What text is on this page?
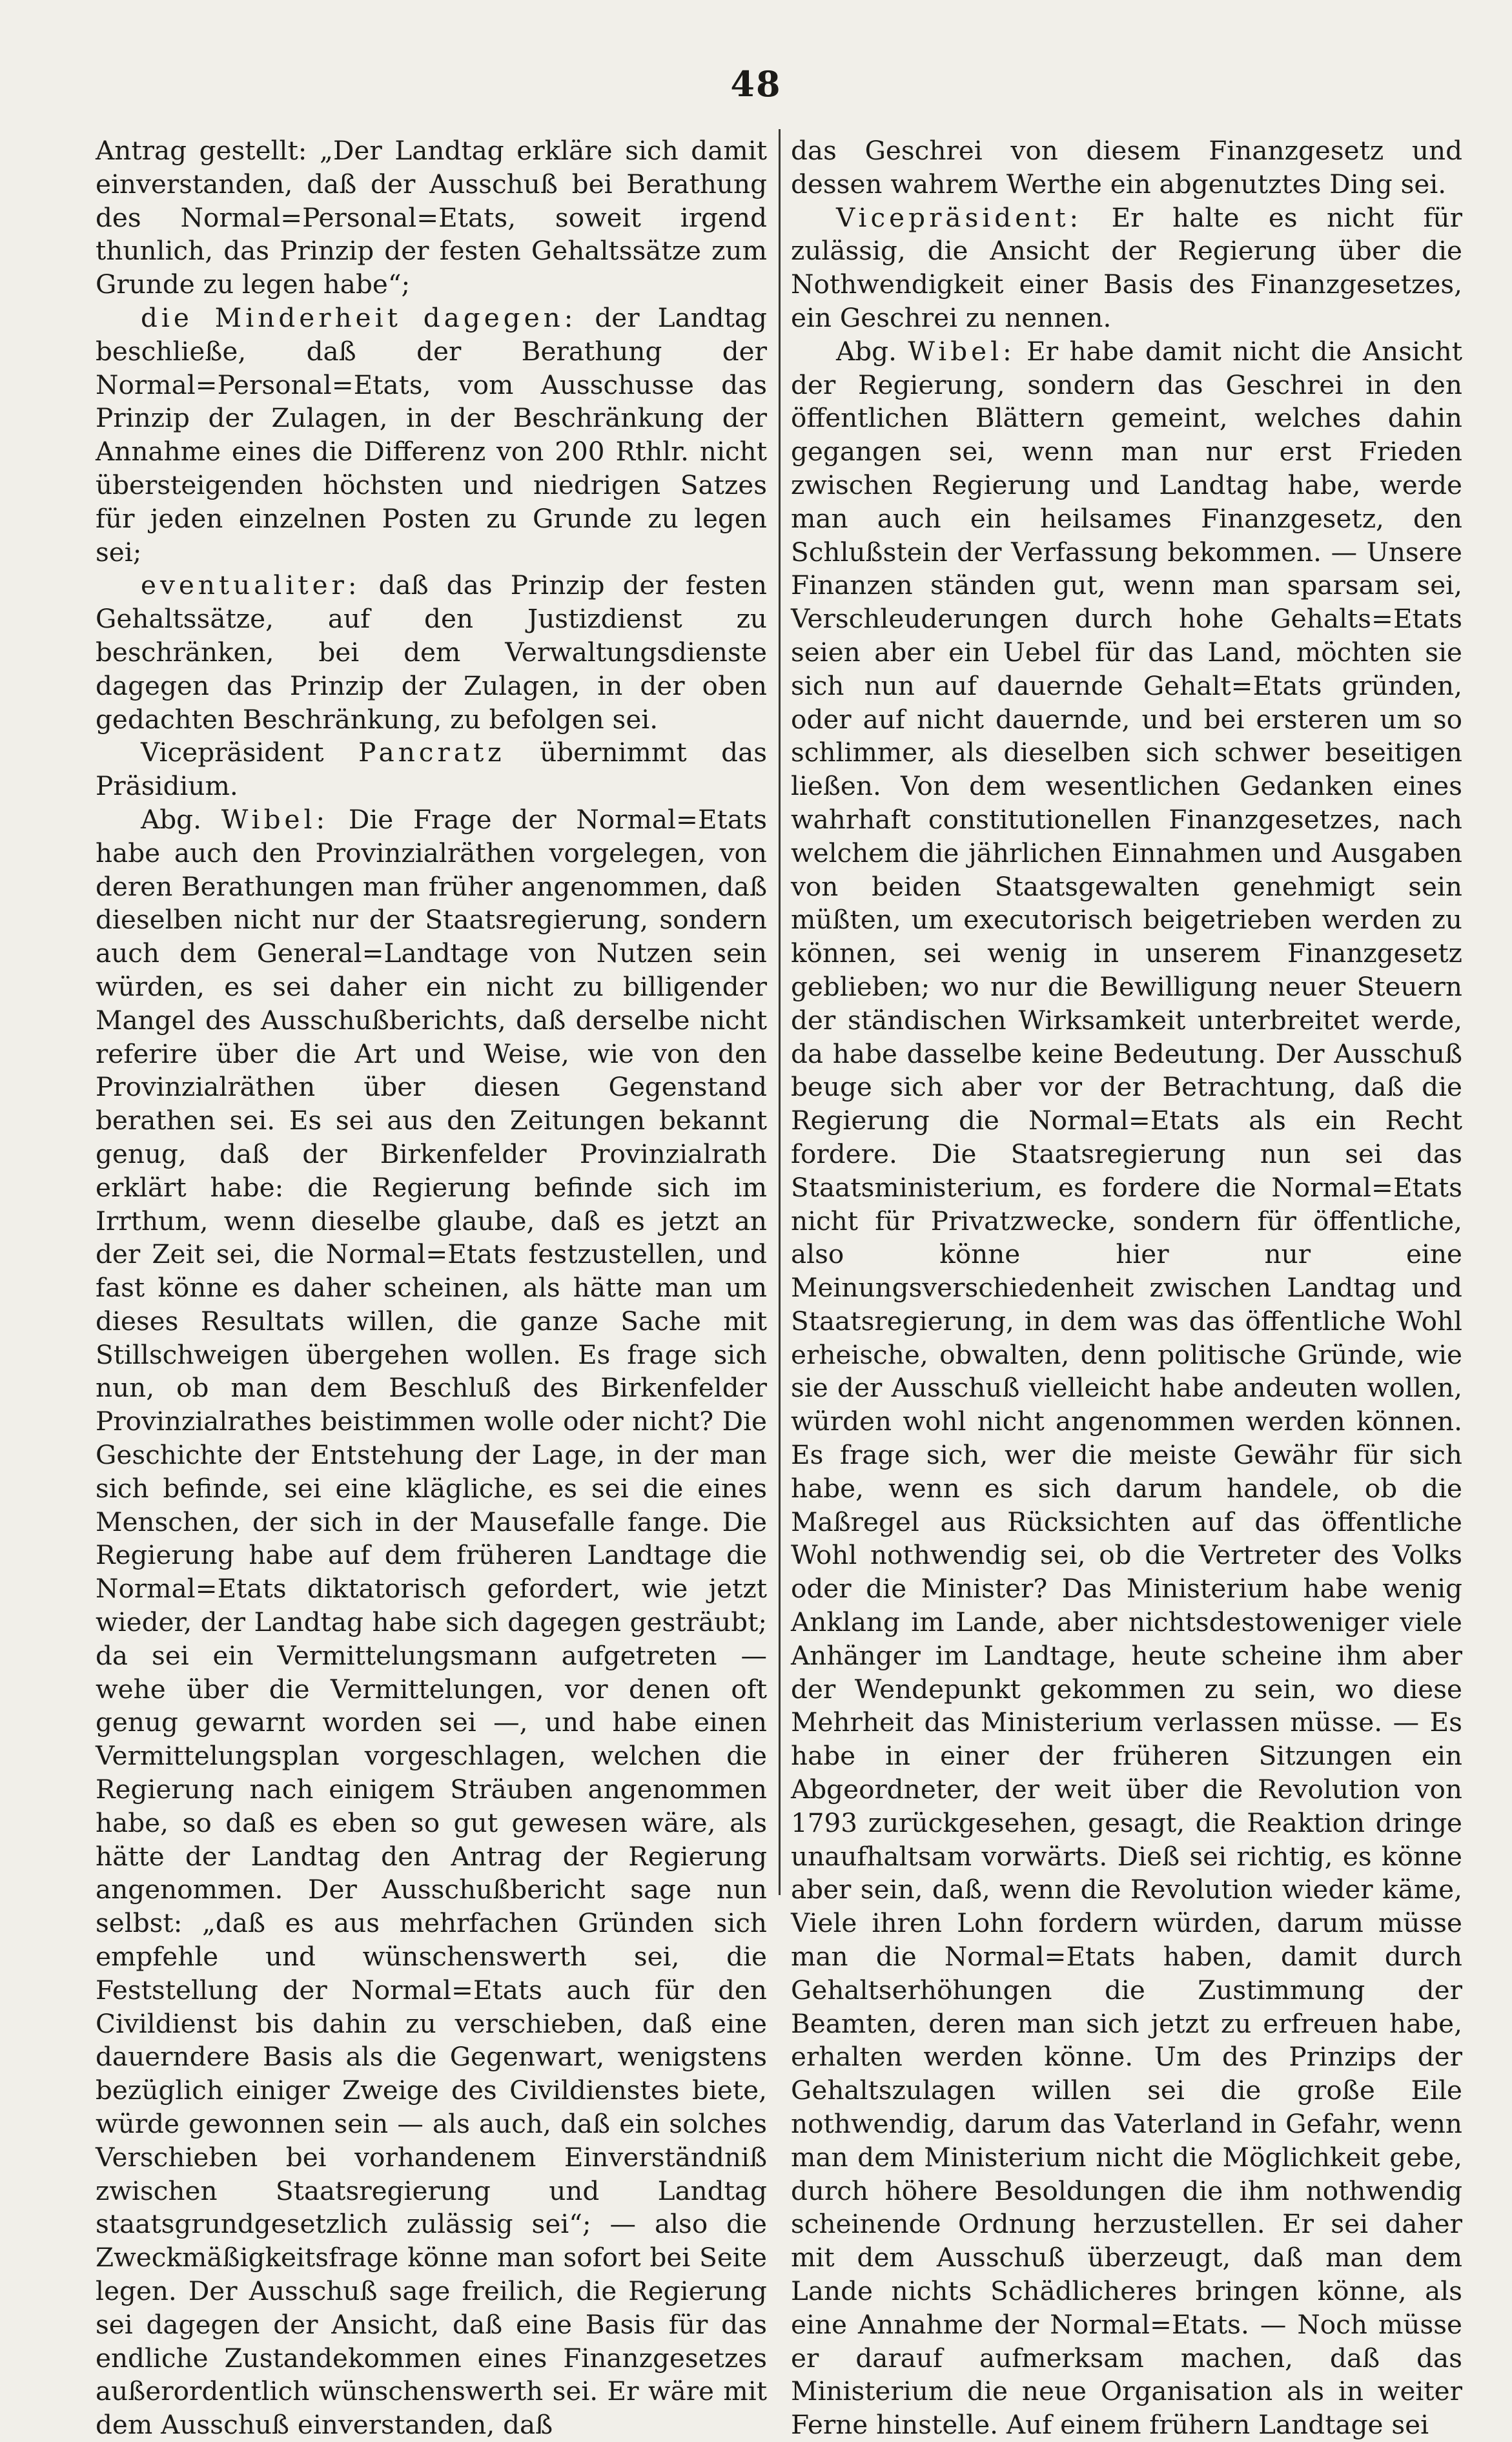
48

Antrag gestellt: „Der Landtag erkläre sich damit einverstanden, daß der Ausschuß bei Berathung des Normal=Personal=Etats, soweit irgend thunlich, das Prinzip der festen Gehaltssätze zum Grunde zu legen habe“;

die Minderheit dagegen: der Landtag beschließe, daß der Berathung der Normal=Personal=Etats, vom Ausschusse das Prinzip der Zulagen, in der Beschränkung der Annahme eines die Differenz von 200 Rthlr. nicht übersteigenden höchsten und niedrigen Satzes für jeden einzelnen Posten zu Grunde zu legen sei;

eventualiter: daß das Prinzip der festen Gehaltssätze, auf den Justizdienst zu beschränken, bei dem Verwaltungsdienste dagegen das Prinzip der Zulagen, in der oben gedachten Beschränkung, zu befolgen sei.

Vicepräsident Pancratz übernimmt das Präsidium.

Abg. Wibel: Die Frage der Normal=Etats habe auch den Provinzialräthen vorgelegen, von deren Berathungen man früher angenommen, daß dieselben nicht nur der Staatsregierung, sondern auch dem General=Landtage von Nutzen sein würden, es sei daher ein nicht zu billigender Mangel des Ausschußberichts, daß derselbe nicht referire über die Art und Weise, wie von den Provinzialräthen über diesen Gegenstand berathen sei. Es sei aus den Zeitungen bekannt genug, daß der Birkenfelder Provinzialrath erklärt habe: die Regierung befinde sich im Irrthum, wenn dieselbe glaube, daß es jetzt an der Zeit sei, die Normal=Etats festzustellen, und fast könne es daher scheinen, als hätte man um dieses Resultats willen, die ganze Sache mit Stillschweigen übergehen wollen. Es frage sich nun, ob man dem Beschluß des Birkenfelder Provinzialrathes beistimmen wolle oder nicht? Die Geschichte der Entstehung der Lage, in der man sich befinde, sei eine klägliche, es sei die eines Menschen, der sich in der Mausefalle fange. Die Regierung habe auf dem früheren Landtage die Normal=Etats diktatorisch gefordert, wie jetzt wieder, der Landtag habe sich dagegen gesträubt; da sei ein Vermittelungsmann aufgetreten — wehe über die Vermittelungen, vor denen oft genug gewarnt worden sei —, und habe einen Vermittelungsplan vorgeschlagen, welchen die Regierung nach einigem Sträuben angenommen habe, so daß es eben so gut gewesen wäre, als hätte der Landtag den Antrag der Regierung angenommen. Der Ausschußbericht sage nun selbst: „daß es aus mehrfachen Gründen sich empfehle und wünschenswerth sei, die Feststellung der Normal=Etats auch für den Civildienst bis dahin zu verschieben, daß eine dauerndere Basis als die Gegenwart, wenigstens bezüglich einiger Zweige des Civildienstes biete, würde gewonnen sein — als auch, daß ein solches Verschieben bei vorhandenem Einverständniß zwischen Staatsregierung und Landtag staatsgrundgesetzlich zulässig sei“; — also die Zweckmäßigkeitsfrage könne man sofort bei Seite legen. Der Ausschuß sage freilich, die Regierung sei dagegen der Ansicht, daß eine Basis für das endliche Zustandekommen eines Finanzgesetzes außerordentlich wünschenswerth sei. Er wäre mit dem Ausschuß einverstanden, daß

das Geschrei von diesem Finanzgesetz und dessen wahrem Werthe ein abgenutztes Ding sei.

Vicepräsident: Er halte es nicht für zulässig, die Ansicht der Regierung über die Nothwendigkeit einer Basis des Finanzgesetzes, ein Geschrei zu nennen.

Abg. Wibel: Er habe damit nicht die Ansicht der Regierung, sondern das Geschrei in den öffentlichen Blättern gemeint, welches dahin gegangen sei, wenn man nur erst Frieden zwischen Regierung und Landtag habe, werde man auch ein heilsames Finanzgesetz, den Schlußstein der Verfassung bekommen. — Unsere Finanzen ständen gut, wenn man sparsam sei, Verschleuderungen durch hohe Gehalts=Etats seien aber ein Uebel für das Land, möchten sie sich nun auf dauernde Gehalt=Etats gründen, oder auf nicht dauernde, und bei ersteren um so schlimmer, als dieselben sich schwer beseitigen ließen. Von dem wesentlichen Gedanken eines wahrhaft constitutionellen Finanzgesetzes, nach welchem die jährlichen Einnahmen und Ausgaben von beiden Staatsgewalten genehmigt sein müßten, um executorisch beigetrieben werden zu können, sei wenig in unserem Finanzgesetz geblieben; wo nur die Bewilligung neuer Steuern der ständischen Wirksamkeit unterbreitet werde, da habe dasselbe keine Bedeutung. Der Ausschuß beuge sich aber vor der Betrachtung, daß die Regierung die Normal=Etats als ein Recht fordere. Die Staatsregierung nun sei das Staatsministerium, es fordere die Normal=Etats nicht für Privatzwecke, sondern für öffentliche, also könne hier nur eine Meinungsverschiedenheit zwischen Landtag und Staatsregierung, in dem was das öffentliche Wohl erheische, obwalten, denn politische Gründe, wie sie der Ausschuß vielleicht habe andeuten wollen, würden wohl nicht angenommen werden können. Es frage sich, wer die meiste Gewähr für sich habe, wenn es sich darum handele, ob die Maßregel aus Rücksichten auf das öffentliche Wohl nothwendig sei, ob die Vertreter des Volks oder die Minister? Das Ministerium habe wenig Anklang im Lande, aber nichtsdestoweniger viele Anhänger im Landtage, heute scheine ihm aber der Wendepunkt gekommen zu sein, wo diese Mehrheit das Ministerium verlassen müsse. — Es habe in einer der früheren Sitzungen ein Abgeordneter, der weit über die Revolution von 1793 zurückgesehen, gesagt, die Reaktion dringe unaufhaltsam vorwärts. Dieß sei richtig, es könne aber sein, daß, wenn die Revolution wieder käme, Viele ihren Lohn fordern würden, darum müsse man die Normal=Etats haben, damit durch Gehaltserhöhungen die Zustimmung der Beamten, deren man sich jetzt zu erfreuen habe, erhalten werden könne. Um des Prinzips der Gehaltszulagen willen sei die große Eile nothwendig, darum das Vaterland in Gefahr, wenn man dem Ministerium nicht die Möglichkeit gebe, durch höhere Besoldungen die ihm nothwendig scheinende Ordnung herzustellen. Er sei daher mit dem Ausschuß überzeugt, daß man dem Lande nichts Schädlicheres bringen könne, als eine Annahme der Normal=Etats. — Noch müsse er darauf aufmerksam machen, daß das Ministerium die neue Organisation als in weiter Ferne hinstelle. Auf einem frühern Landtage sei
